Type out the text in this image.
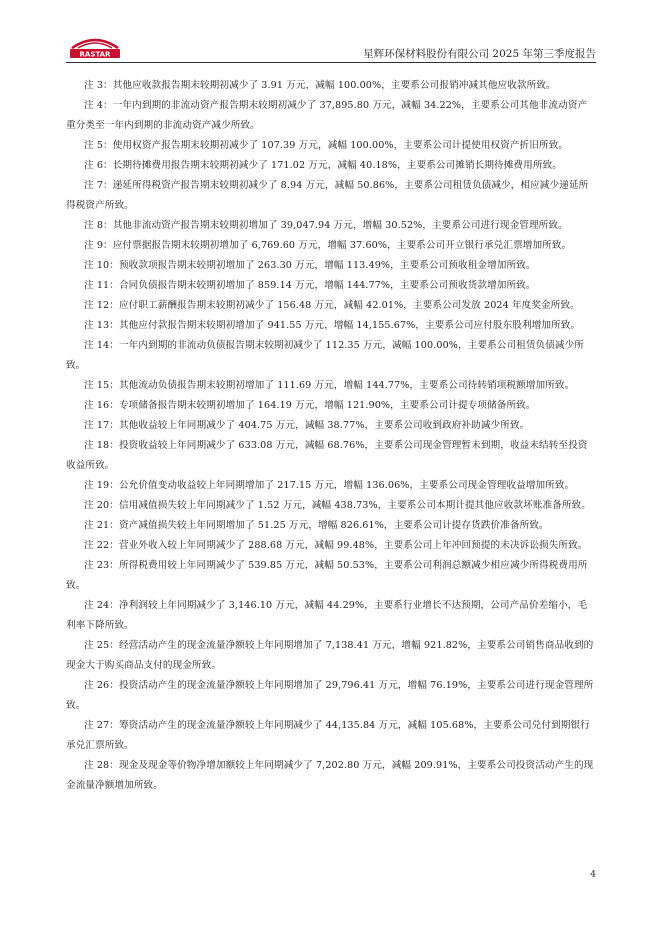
RASTAR	星辉环保材料股份有限公司 2025 年第三季度报告

注 3：其他应收款报告期末较期初减少了 3.91 万元，减幅 100.00%，主要系公司报销冲减其他应收款所致。

注 4：一年内到期的非流动资产报告期末较期初减少了 37,895.80 万元，减幅 34.22%，主要系公司其他非流动资产重分类至一年内到期的非流动资产减少所致。

注 5：使用权资产报告期末较期初减少了 107.39 万元，减幅 100.00%，主要系公司计提使用权资产折旧所致。

注 6：长期待摊费用报告期末较期初减少了 171.02 万元，减幅 40.18%，主要系公司摊销长期待摊费用所致。

注 7：递延所得税资产报告期末较期初减少了 8.94 万元，减幅 50.86%，主要系公司租赁负债减少，相应减少递延所得税资产所致。

注 8：其他非流动资产报告期末较期初增加了 39,047.94 万元，增幅 30.52%，主要系公司进行现金管理所致。

注 9：应付票据报告期末较期初增加了 6,769.60 万元，增幅 37.60%，主要系公司开立银行承兑汇票增加所致。

注 10：预收款项报告期末较期初增加了 263.30 万元，增幅 113.49%，主要系公司预收租金增加所致。

注 11：合同负债报告期末较期初增加了 859.14 万元，增幅 144.77%，主要系公司预收货款增加所致。

注 12：应付职工薪酬报告期末较期初减少了 156.48 万元，减幅 42.01%，主要系公司发放 2024 年度奖金所致。

注 13：其他应付款报告期末较期初增加了 941.55 万元，增幅 14,155.67%，主要系公司应付股东股利增加所致。

注 14：一年内到期的非流动负债报告期末较期初减少了 112.35 万元，减幅 100.00%，主要系公司租赁负债减少所致。

注 15：其他流动负债报告期末较期初增加了 111.69 万元，增幅 144.77%，主要系公司待转销项税额增加所致。

注 16：专项储备报告期末较期初增加了 164.19 万元，增幅 121.90%，主要系公司计提专项储备所致。

注 17：其他收益较上年同期减少了 404.75 万元，减幅 38.77%，主要系公司收到政府补助减少所致。

注 18：投资收益较上年同期减少了 633.08 万元，减幅 68.76%，主要系公司现金管理暂未到期，收益未结转至投资收益所致。

注 19：公允价值变动收益较上年同期增加了 217.15 万元，增幅 136.06%，主要系公司现金管理收益增加所致。

注 20：信用减值损失较上年同期减少了 1.52 万元，减幅 438.73%，主要系公司本期计提其他应收款坏账准备所致。

注 21：资产减值损失较上年同期增加了 51.25 万元，增幅 826.61%，主要系公司计提存货跌价准备所致。

注 22：营业外收入较上年同期减少了 288.68 万元，减幅 99.48%，主要系公司上年冲回预提的未决诉讼损失所致。

注 23：所得税费用较上年同期减少了 539.85 万元，减幅 50.53%，主要系公司利润总额减少相应减少所得税费用所致。

注 24：净利润较上年同期减少了 3,146.10 万元，减幅 44.29%，主要系行业增长不达预期，公司产品价差缩小，毛利率下降所致。

注 25：经营活动产生的现金流量净额较上年同期增加了 7,138.41 万元，增幅 921.82%，主要系公司销售商品收到的现金大于购买商品支付的现金所致。

注 26：投资活动产生的现金流量净额较上年同期增加了 29,796.41 万元，增幅 76.19%，主要系公司进行现金管理所致。

注 27：筹资活动产生的现金流量净额较上年同期减少了 44,135.84 万元，减幅 105.68%，主要系公司兑付到期银行承兑汇票所致。

注 28：现金及现金等价物净增加额较上年同期减少了 7,202.80 万元，减幅 209.91%，主要系公司投资活动产生的现金流量净额增加所致。

4
